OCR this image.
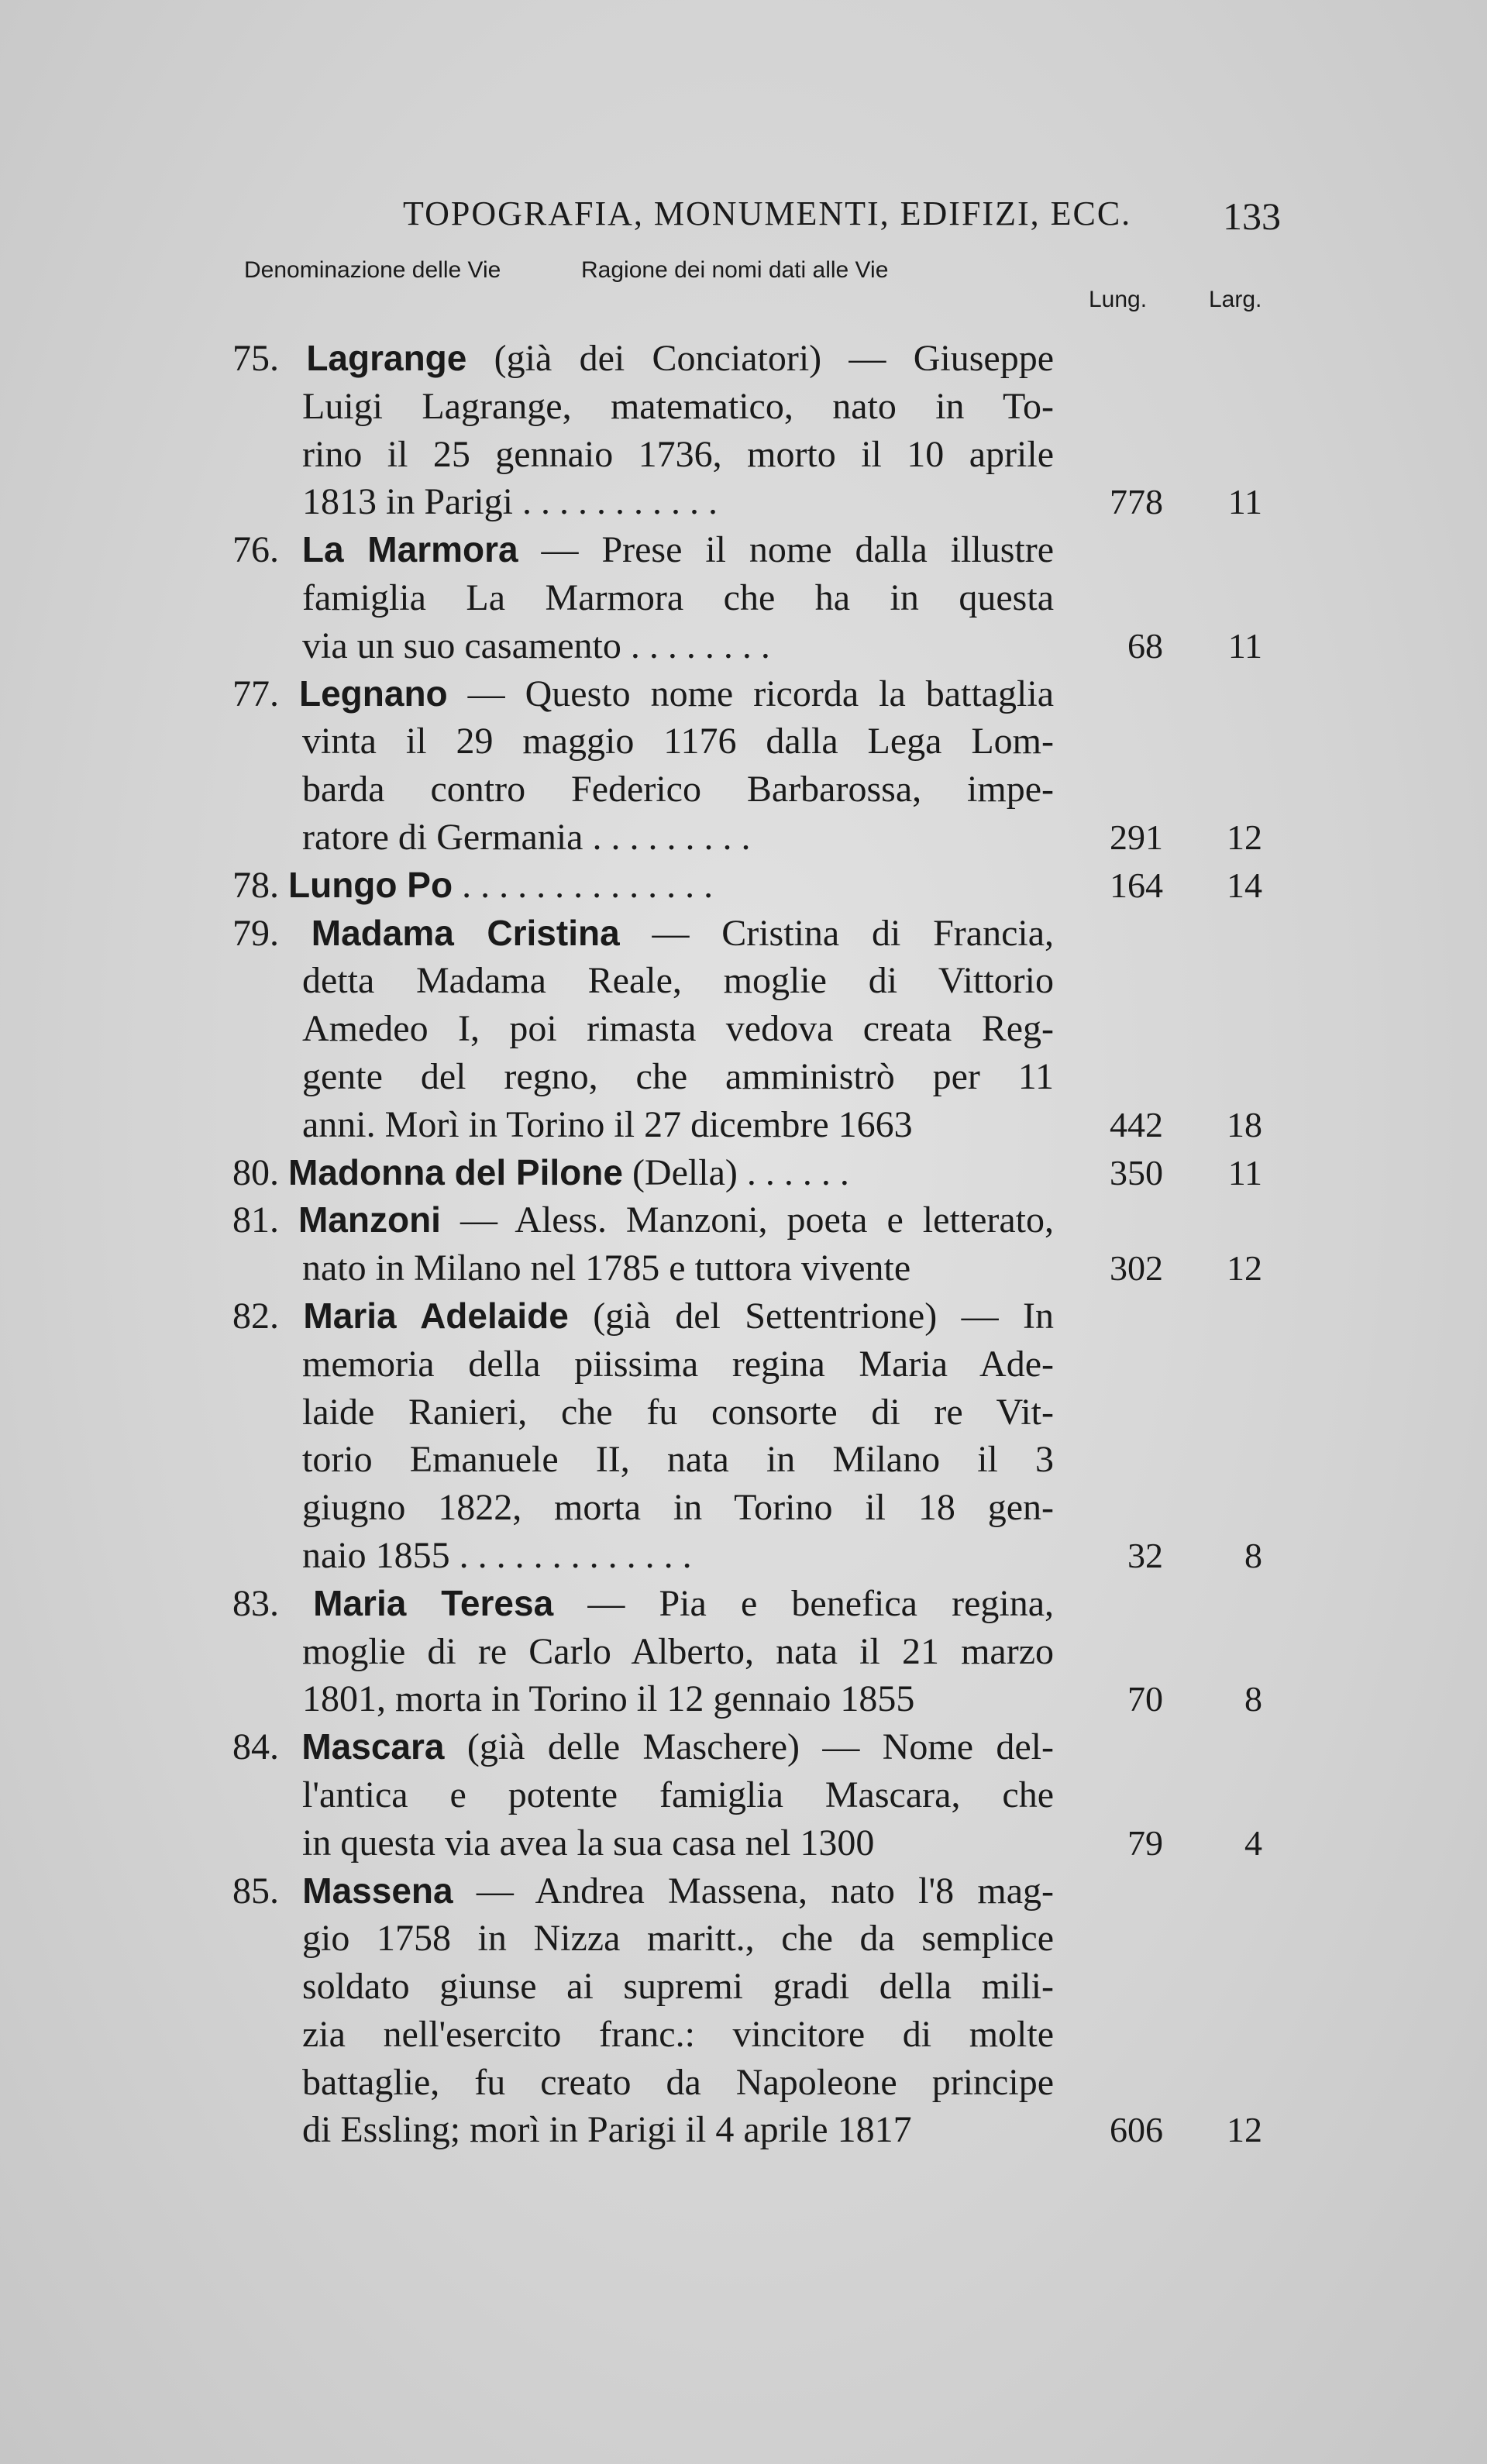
TOPOGRAFIA, MONUMENTI, EDIFIZI, ECC. 133
Denominazione delle Vie	Ragione dei nomi dati alle Vie
Lung.	Larg.
75. Lagrange (già dei Conciatori) — Giuseppe
Luigi Lagrange, matematico, nato in To-
rino il 25 gennaio 1736, morto il 10 aprile
1813 in Parigi . . . . . . . . . . .	778 11
76. La Marmora — Prese il nome dalla illustre
famiglia La Marmora che ha in questa
via un suo casamento . . . . . . . .	68 11
77. Legnano — Questo nome ricorda la battaglia
vinta il 29 maggio 1176 dalla Lega Lom-
barda contro Federico Barbarossa, impe-
ratore di Germania . . . . . . . . .	291 12
78. Lungo Po . . . . . . . . . . . . . .	164 14
79. Madama Cristina — Cristina di Francia,
detta Madama Reale, moglie di Vittorio
Amedeo I, poi rimasta vedova creata Reg-
gente del regno, che amministrò per 11
anni. Morì in Torino il 27 dicembre 1663	442 18
80. Madonna del Pilone (Della) . . . . . .	350 11
81. Manzoni — Aless. Manzoni, poeta e letterato,
nato in Milano nel 1785 e tuttora vivente	302 12
82. Maria Adelaide (già del Settentrione) — In
memoria della piissima regina Maria Ade-
laide Ranieri, che fu consorte di re Vit-
torio Emanuele II, nata in Milano il 3
giugno 1822, morta in Torino il 18 gen-
naio 1855 . . . . . . . . . . . . .	32 8
83. Maria Teresa — Pia e benefica regina,
moglie di re Carlo Alberto, nata il 21 marzo
1801, morta in Torino il 12 gennaio 1855	70 8
84. Mascara (già delle Maschere) — Nome del-
l'antica e potente famiglia Mascara, che
in questa via avea la sua casa nel 1300	79 4
85. Massena — Andrea Massena, nato l'8 mag-
gio 1758 in Nizza maritt., che da semplice
soldato giunse ai supremi gradi della mili-
zia nell'esercito franc.: vincitore di molte
battaglie, fu creato da Napoleone principe
di Essling; morì in Parigi il 4 aprile 1817	606 12
